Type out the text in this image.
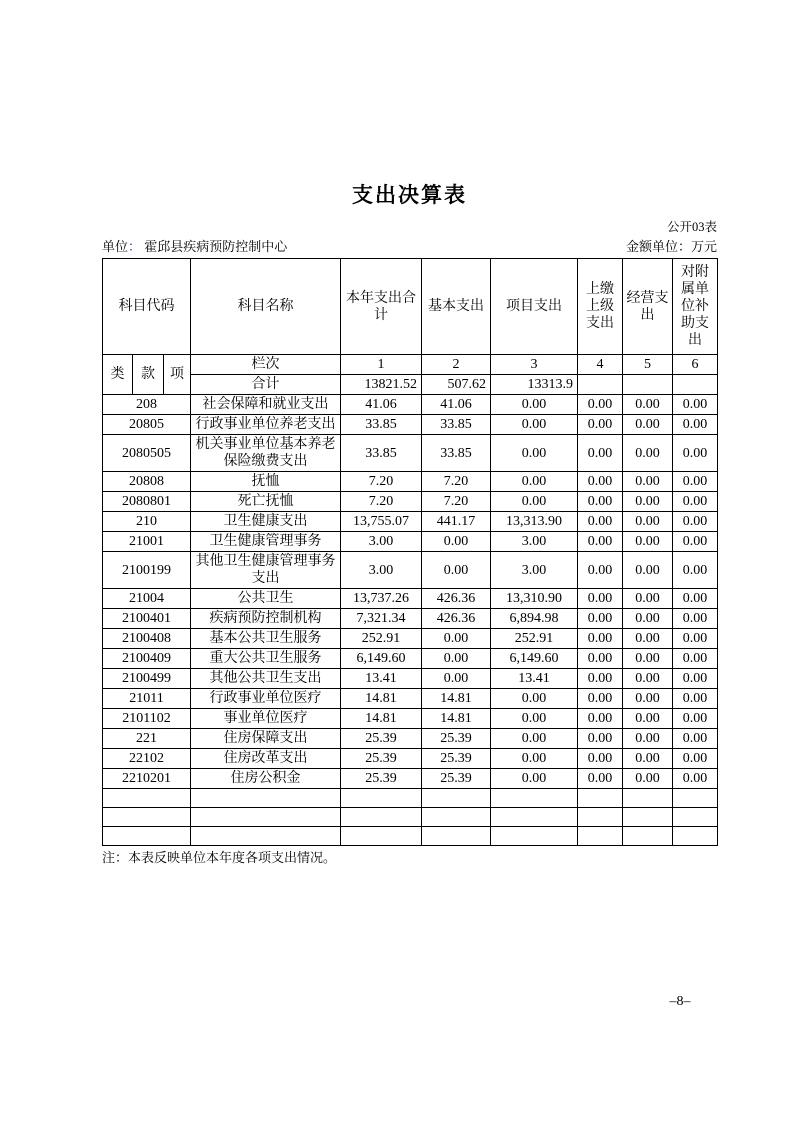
支出决算表
公开03表
单位： 霍邱县疾病预防控制中心	金额单位：万元
科目代码			科目名称	本年支出合计	基本支出	项目支出	上缴上级支出	经营支出	对附属单位补助支出
类	款	项	栏次	1	2	3	4	5	6
			合计	13821.52	507.62	13313.9			
208			社会保障和就业支出	41.06	41.06	0.00	0.00	0.00	0.00
20805			行政事业单位养老支出	33.85	33.85	0.00	0.00	0.00	0.00
2080505			机关事业单位基本养老保险缴费支出	33.85	33.85	0.00	0.00	0.00	0.00
20808			抚恤	7.20	7.20	0.00	0.00	0.00	0.00
2080801			死亡抚恤	7.20	7.20	0.00	0.00	0.00	0.00
210			卫生健康支出	13,755.07	441.17	13,313.90	0.00	0.00	0.00
21001			卫生健康管理事务	3.00	0.00	3.00	0.00	0.00	0.00
2100199			其他卫生健康管理事务支出	3.00	0.00	3.00	0.00	0.00	0.00
21004			公共卫生	13,737.26	426.36	13,310.90	0.00	0.00	0.00
2100401			疾病预防控制机构	7,321.34	426.36	6,894.98	0.00	0.00	0.00
2100408			基本公共卫生服务	252.91	0.00	252.91	0.00	0.00	0.00
2100409			重大公共卫生服务	6,149.60	0.00	6,149.60	0.00	0.00	0.00
2100499			其他公共卫生支出	13.41	0.00	13.41	0.00	0.00	0.00
21011			行政事业单位医疗	14.81	14.81	0.00	0.00	0.00	0.00
2101102			事业单位医疗	14.81	14.81	0.00	0.00	0.00	0.00
221			住房保障支出	25.39	25.39	0.00	0.00	0.00	0.00
22102			住房改革支出	25.39	25.39	0.00	0.00	0.00	0.00
2210201			住房公积金	25.39	25.39	0.00	0.00	0.00	0.00

注：本表反映单位本年度各项支出情况。
–8–
